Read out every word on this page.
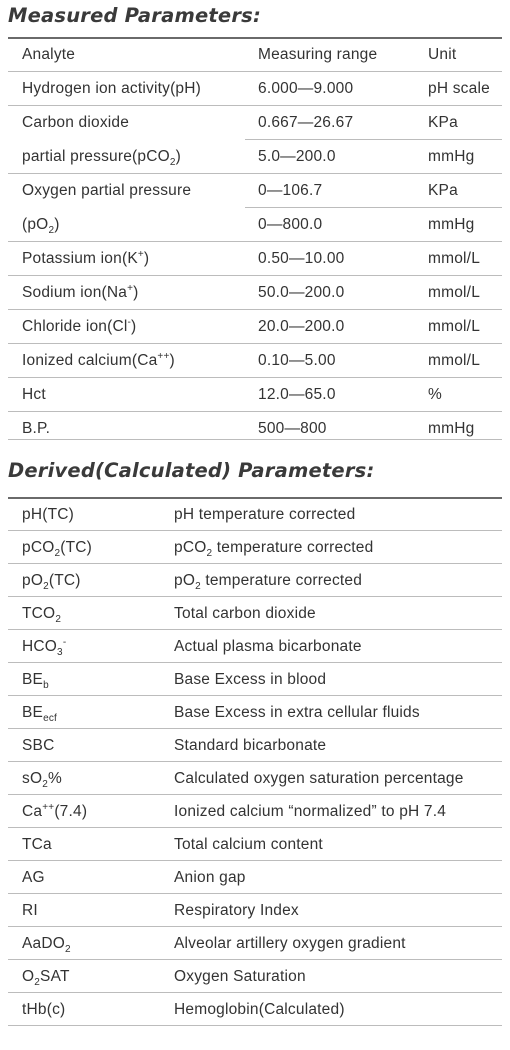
Measured Parameters:
Analyte	Measuring range	Unit
Hydrogen ion activity(pH)	6.000—9.000	pH scale
Carbon dioxide	0.667—26.67	KPa
partial pressure(pCO$_2$)	5.0—200.0	mmHg
Oxygen partial pressure	0—106.7	KPa
$(pO_2)$	0—800.0	mmHg
Potassium ion(K+)	0.50—10.00	mmol/L
Sodium ion(Na+)	50.0—200.0	mmol/L
Chloride ion(Cl-)	20.0—200.0	mmol/L
Ionized calcium(Ca++)	0.10—5.00	mmol/L
Hct	12.0—65.0	%
B.P.	500—800	mmHg
Derived(Calculated) Parameters:
pH(TC)	pH temperature corrected
pCO$_2$(TC)	pCO$_2$ temperature corrected
$pO_2(TC)$	$pO_2$ temperature corrected
$TCO_2$	Total carbon dioxide
$HCO_3^-$	Actual plasma bicarbonate
$BE_b$	Base Excess in blood
$BE_{ecf}$	Base Excess in extra cellular fluids
SBC	Standard bicarbonate
$sO_2\%$	Calculated oxygen saturation percentage
Ca++(7.4)	Ionized calcium “normalized” to pH 7.4
TCa	Total calcium content
AG	Anion gap
RI	Respiratory Index
AaDO$_2$	Alveolar artillery oxygen gradient
$O_2SAT$	Oxygen Saturation
tHb(c)	Hemoglobin(Calculated)
